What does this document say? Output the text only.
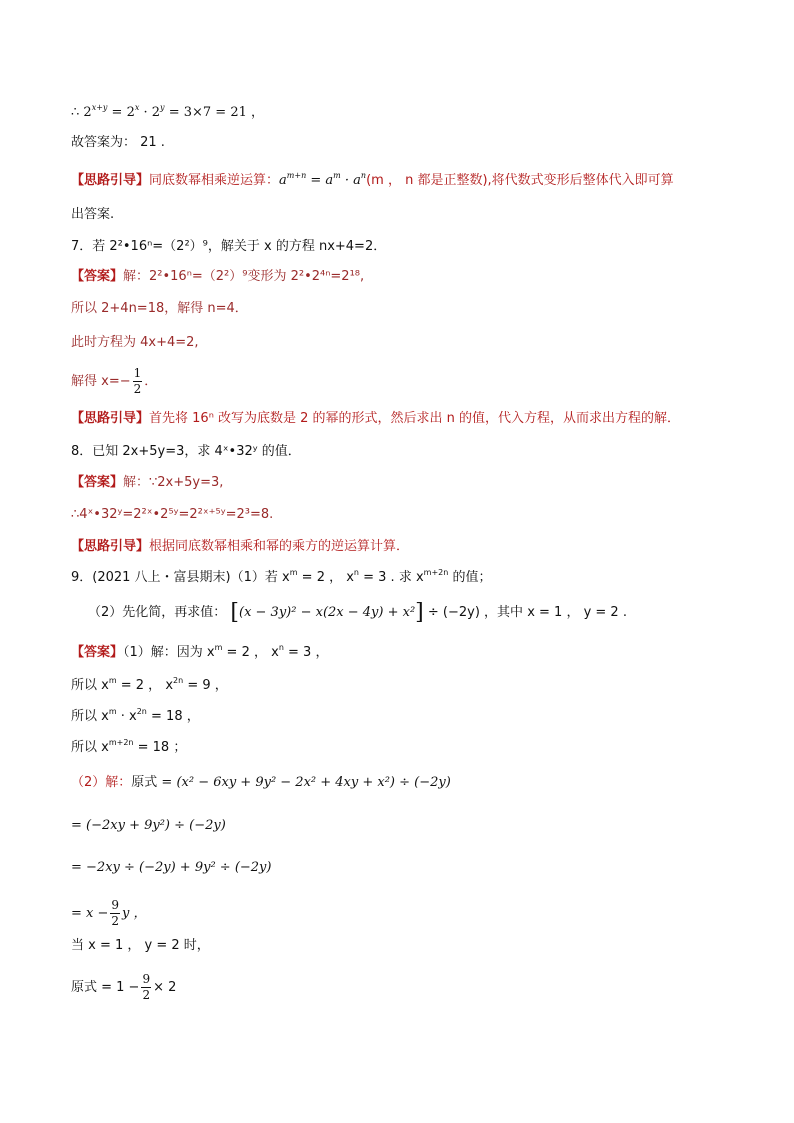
∴ $2^{x+y} = 2^x \cdot 2^y = 3\times 7 = 21$ ，
故答案为： 21 .
【思路引导】同底数幂相乘逆运算：$a^{m+n} = a^m \cdot a^n(m$ ， n 都是正整数),将代数式变形后整体代入即可算
出答案.
7．若 2²•16ⁿ=（2²）⁹，解关于 x 的方程 nx+4=2．
【答案】解：2²•16ⁿ=（2²）⁹变形为 2²•2⁴ⁿ=2¹⁸,
所以 2+4n=18，解得 n=4．
此时方程为 4x+4=2,
解得 $x=- \frac{1}{2}$ ．
【思路引导】首先将 16ⁿ 改写为底数是 2 的幂的形式，然后求出 n 的值，代入方程，从而求出方程的解．
8．已知 2x+5y=3，求 4ˣ•32ʸ 的值．
【答案】解：∵2x+5y=3,
∴4ˣ•32ʸ=2²ˣ•2⁵ʸ=2²ˣ⁺⁵ʸ=2³=8.
【思路引导】根据同底数幂相乘和幂的乘方的逆运算计算．
9．(2021 八上・富县期末)（1）若 $x^m = 2$ ， $x^n = 3$ . 求 $x^{m+2n}$ 的值；
（2）先化简，再求值： [(x − 3y)² − x(2x − 4y) + x²] ÷ (−2y) ，其中 x = 1 ， y = 2 .
【答案】（1）解：因为 $x^m = 2$ ， $x^n = 3$ ，
所以 $x^m = 2$ ， $x^{2n} = 9$ ，
所以 $x^m \cdot x^{2n} = 18$ ，
所以 $x^{m+2n} = 18$ ；
（2）解：原式 = (x² − 6xy + 9y² − 2x² + 4xy + x²) ÷ (−2y)
= (−2xy + 9y²) ÷ (−2y)
= −2xy ÷ (−2y) + 9y² ÷ (−2y)
= $x - \frac{9}{2}$ y ，
当 x = 1 ， y = 2 时，
原式 = $1 - \frac{9}{2} \times 2$
